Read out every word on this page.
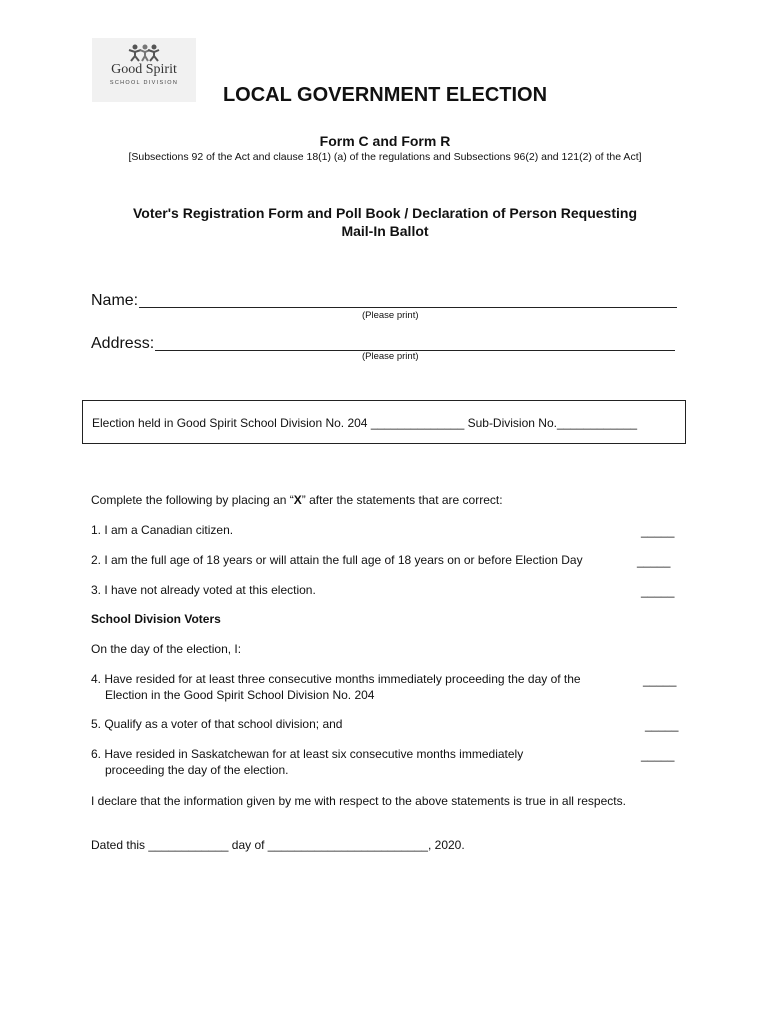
Good Spirit
SCHOOL DIVISION
LOCAL GOVERNMENT ELECTION
Form C and Form R
[Subsections 92 of the Act and clause 18(1) (a) of the regulations and Subsections 96(2) and 121(2) of the Act]
Voter's Registration Form and Poll Book / Declaration of Person Requesting
Mail-In Ballot
Name:
(Please print)
Address:
(Please print)
Election held in Good Spirit School Division No. 204 ______________ Sub-Division No.____________
Complete the following by placing an “X” after the statements that are correct:
1. I am a Canadian citizen.	_____
2. I am the full age of 18 years or will attain the full age of 18 years on or before Election Day	_____
3. I have not already voted at this election.	_____
School Division Voters
On the day of the election, I:
4. Have resided for at least three consecutive months immediately proceeding the day of the
Election in the Good Spirit School Division No. 204
_____
5. Qualify as a voter of that school division; and	_____
6. Have resided in Saskatchewan for at least six consecutive months immediately
proceeding the day of the election.
_____
I declare that the information given by me with respect to the above statements is true in all respects.
Dated this ____________ day of ________________________, 2020.
